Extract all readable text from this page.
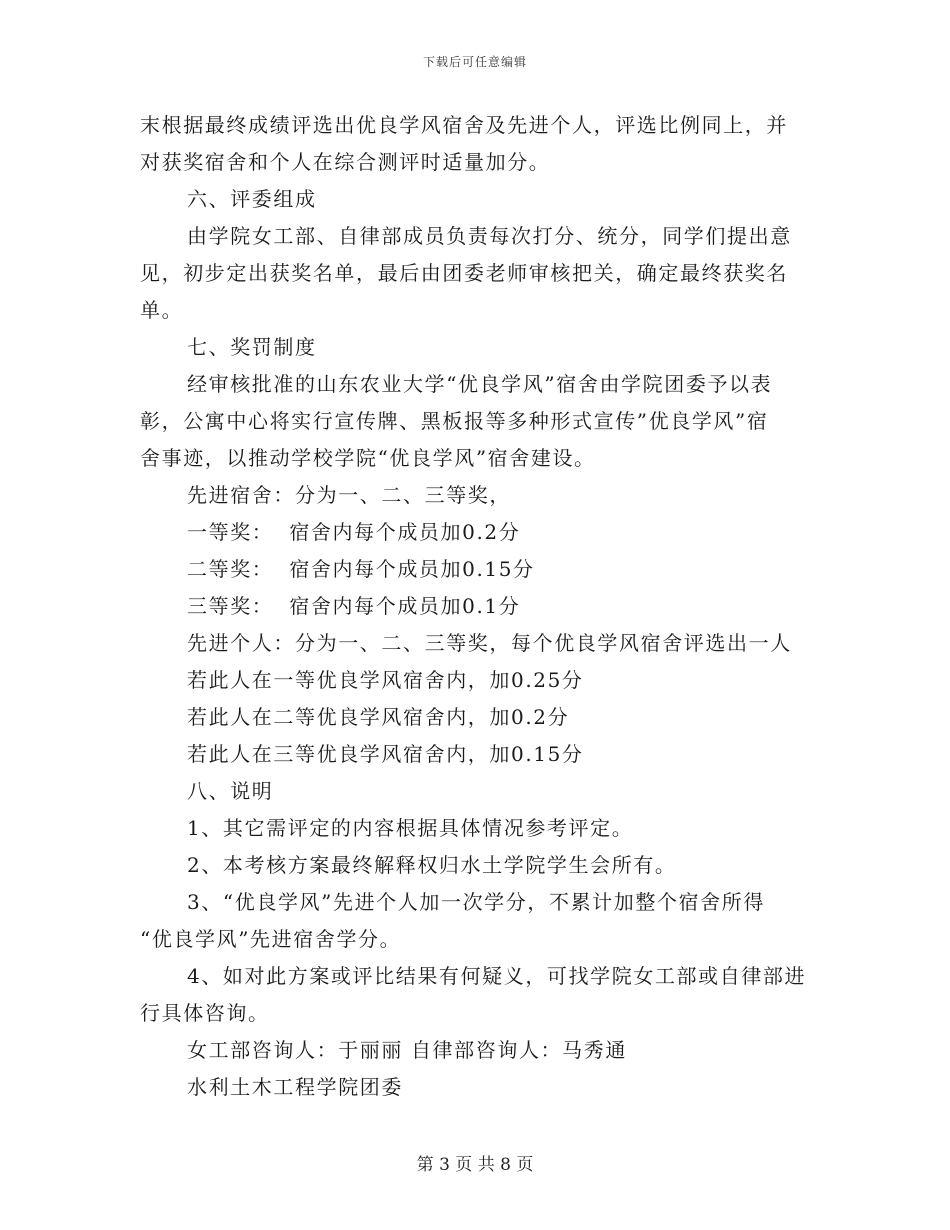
下载后可任意编辑
末根据最终成绩评选出优良学风宿舍及先进个人，评选比例同上，并
对获奖宿舍和个人在综合测评时适量加分。
六、评委组成
由学院女工部、自律部成员负责每次打分、统分，同学们提出意
见，初步定出获奖名单，最后由团委老师审核把关，确定最终获奖名
单。
七、奖罚制度
经审核批准的山东农业大学“优良学风”宿舍由学院团委予以表
彰，公寓中心将实行宣传牌、黑板报等多种形式宣传”优良学风”宿
舍事迹，以推动学校学院“优良学风”宿舍建设。
先进宿舍：分为一、二、三等奖，
一等奖：  宿舍内每个成员加0.2分
二等奖：  宿舍内每个成员加0.15分
三等奖：  宿舍内每个成员加0.1分
先进个人：分为一、二、三等奖，每个优良学风宿舍评选出一人
若此人在一等优良学风宿舍内，加0.25分
若此人在二等优良学风宿舍内，加0.2分
若此人在三等优良学风宿舍内，加0.15分
八、说明
1、其它需评定的内容根据具体情况参考评定。
2、本考核方案最终解释权归水土学院学生会所有。
3、“优良学风”先进个人加一次学分，不累计加整个宿舍所得
“优良学风”先进宿舍学分。
4、如对此方案或评比结果有何疑义，可找学院女工部或自律部进
行具体咨询。
女工部咨询人：于丽丽 自律部咨询人：马秀通
水利土木工程学院团委
第 3 页 共 8 页
